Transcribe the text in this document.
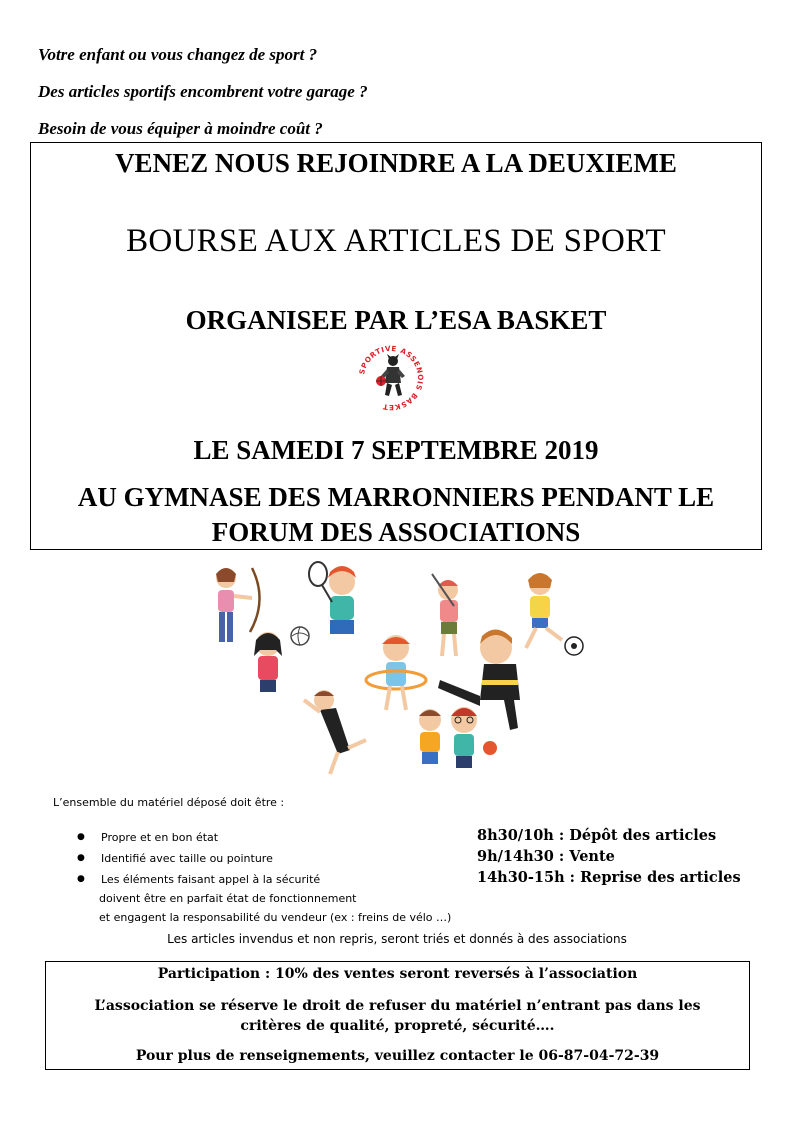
Votre enfant ou vous changez de sport ?

Des articles sportifs encombrent votre garage ?

Besoin de vous équiper à moindre coût ?

VENEZ NOUS REJOINDRE A LA DEUXIEME

BOURSE AUX ARTICLES DE SPORT

ORGANISEE PAR L’ESA BASKET

SPORTIVE ASSENOIS BASKET

LE SAMEDI 7 SEPTEMBRE 2019

AU GYMNASE DES MARRONNIERS PENDANT LE FORUM DES ASSOCIATIONS

L’ensemble du matériel déposé doit être :

● Propre et en bon état
● Identifié avec taille ou pointure
● Les éléments faisant appel à la sécurité
doivent être en parfait état de fonctionnement
et engagent la responsabilité du vendeur (ex : freins de vélo …)

8h30/10h : Dépôt des articles

9h/14h30 : Vente

14h30-15h : Reprise des articles

Les articles invendus et non repris, seront triés et donnés à des associations

Participation : 10% des ventes seront reversés à l’association

L’association se réserve le droit de refuser du matériel n’entrant pas dans les critères de qualité, propreté, sécurité….

Pour plus de renseignements, veuillez contacter le 06-87-04-72-39
